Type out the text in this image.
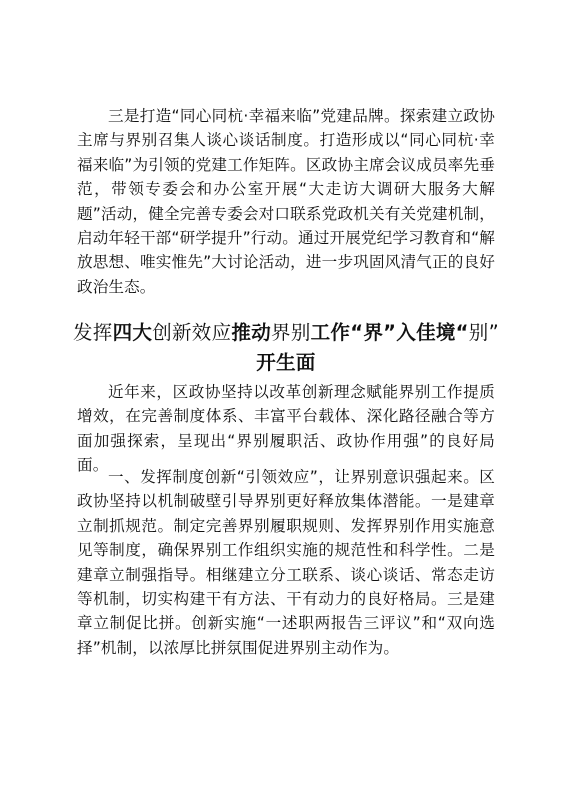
三是打造“同心同杭·幸福来临”党建品牌。探索建立政协主席与界别召集人谈心谈话制度。打造形成以“同心同杭·幸福来临”为引领的党建工作矩阵。区政协主席会议成员率先垂范，带领专委会和办公室开展“大走访大调研大服务大解题”活动，健全完善专委会对口联系党政机关有关党建机制，启动年轻干部“研学提升”行动。通过开展党纪学习教育和“解放思想、唯实惟先”大讨论活动，进一步巩固风清气正的良好政治生态。

发挥四大创新效应推动界别工作“界”入佳境“别”
开生面

近年来，区政协坚持以改革创新理念赋能界别工作提质增效，在完善制度体系、丰富平台载体、深化路径融合等方面加强探索，呈现出“界别履职活、政协作用强”的良好局面。

一、发挥制度创新“引领效应”，让界别意识强起来。区政协坚持以机制破壁引导界别更好释放集体潜能。一是建章立制抓规范。制定完善界别履职规则、发挥界别作用实施意见等制度，确保界别工作组织实施的规范性和科学性。二是建章立制强指导。相继建立分工联系、谈心谈话、常态走访等机制，切实构建干有方法、干有动力的良好格局。三是建章立制促比拼。创新实施“一述职两报告三评议”和“双向选择”机制，以浓厚比拼氛围促进界别主动作为。
